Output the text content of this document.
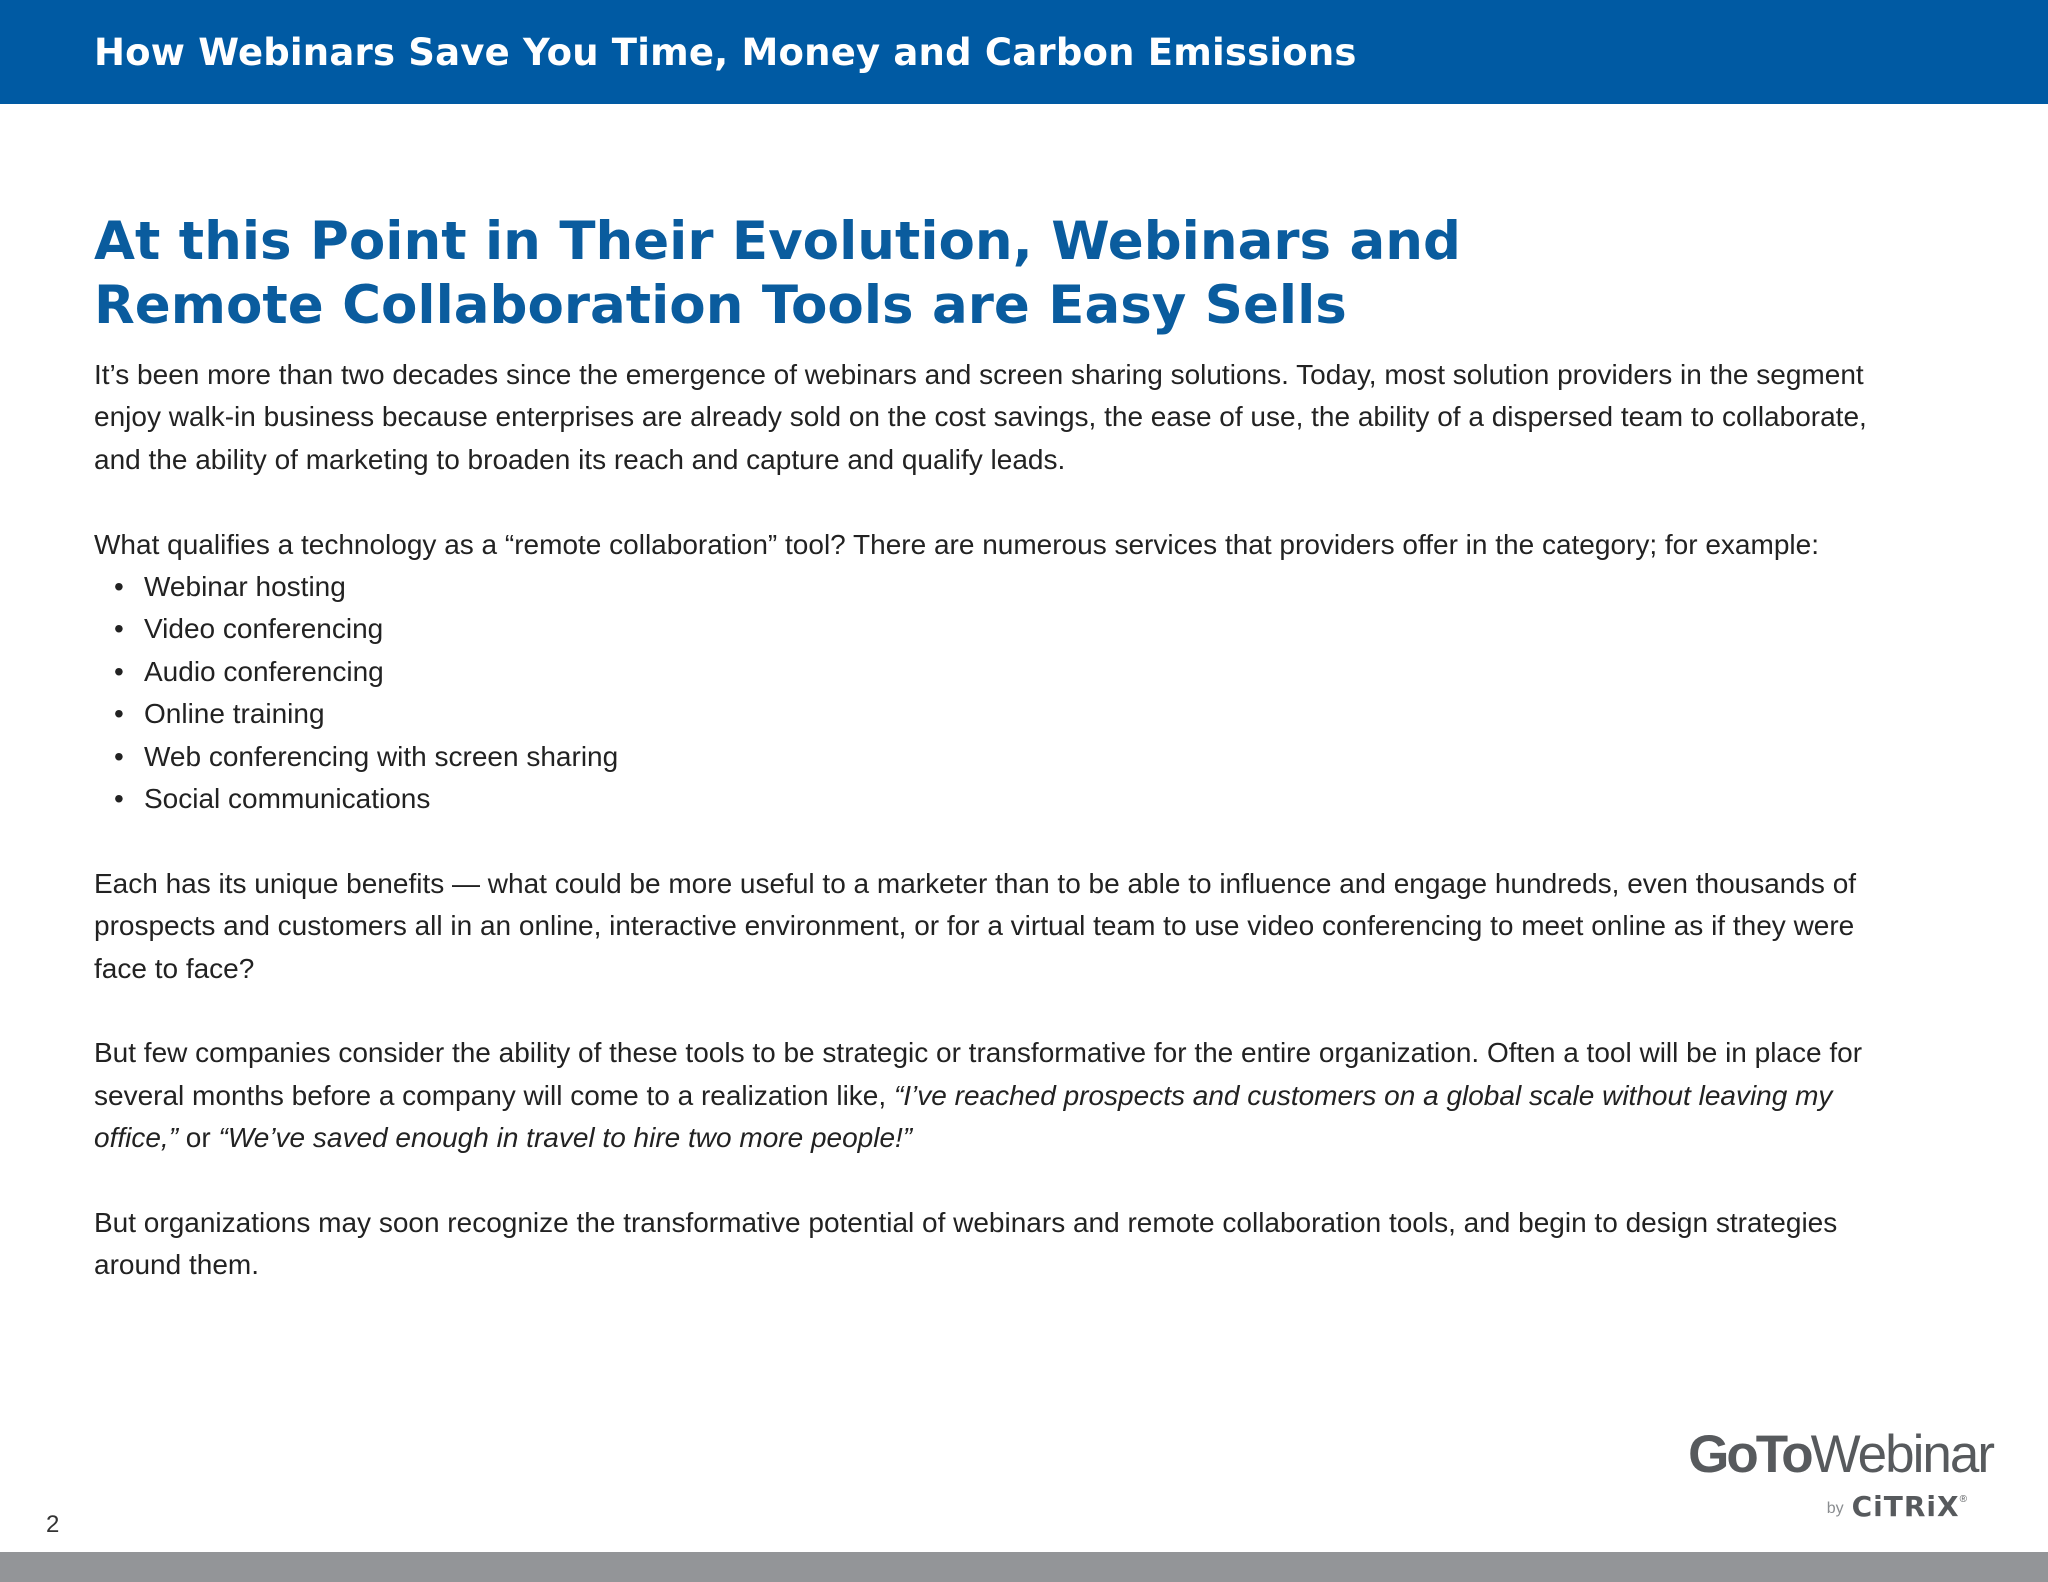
How Webinars Save You Time, Money and Carbon Emissions
At this Point in Their Evolution, Webinars and
Remote Collaboration Tools are Easy Sells

It’s been more than two decades since the emergence of webinars and screen sharing solutions. Today, most solution providers in the segment enjoy walk-in business because enterprises are already sold on the cost savings, the ease of use, the ability of a dispersed team to collaborate, and the ability of marketing to broaden its reach and capture and qualify leads.

What qualifies a technology as a “remote collaboration” tool? There are numerous services that providers offer in the category; for example:

• Webinar hosting
• Video conferencing
• Audio conferencing
• Online training
• Web conferencing with screen sharing
• Social communications

Each has its unique benefits — what could be more useful to a marketer than to be able to influence and engage hundreds, even thousands of prospects and customers all in an online, interactive environment, or for a virtual team to use video conferencing to meet online as if they were face to face?

But few companies consider the ability of these tools to be strategic or transformative for the entire organization. Often a tool will be in place for several months before a company will come to a realization like, “I’ve reached prospects and customers on a global scale without leaving my office,” or “We’ve saved enough in travel to hire two more people!”

But organizations may soon recognize the transformative potential of webinars and remote collaboration tools, and begin to design strategies around them.

GoToWebinar
by CiTRiX®
2
